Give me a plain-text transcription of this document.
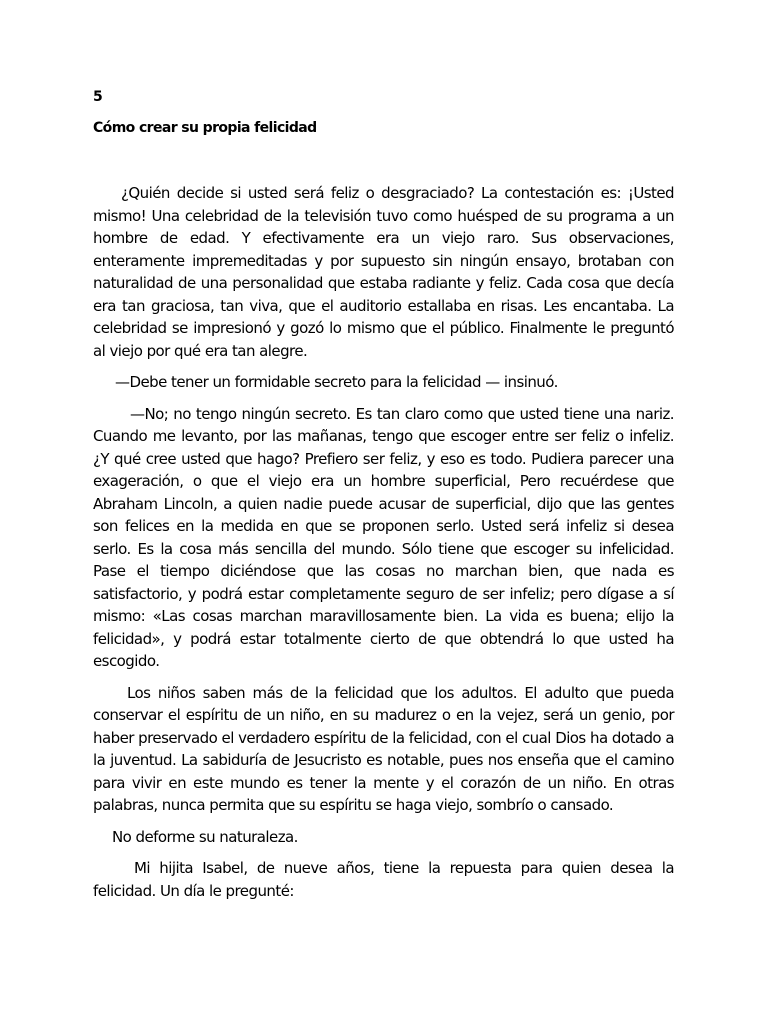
5
Cómo crear su propia felicidad

¿Quién decide si usted será feliz o desgraciado? La contestación es: ¡Usted mismo! Una celebridad de la televisión tuvo como huésped de su programa a un hombre de edad. Y efectivamente era un viejo raro. Sus observaciones, enteramente impremeditadas y por supuesto sin ningún ensayo, brotaban con naturalidad de una personalidad que estaba radiante y feliz. Cada cosa que decía era tan graciosa, tan viva, que el auditorio estallaba en risas. Les encantaba. La celebridad se impresionó y gozó lo mismo que el público. Finalmente le preguntó al viejo por qué era tan alegre.

—Debe tener un formidable secreto para la felicidad — insinuó.

—No; no tengo ningún secreto. Es tan claro como que usted tiene una nariz. Cuando me levanto, por las mañanas, tengo que escoger entre ser feliz o infeliz. ¿Y qué cree usted que hago? Prefiero ser feliz, y eso es todo. Pudiera parecer una exageración, o que el viejo era un hombre superficial, Pero recuérdese que Abraham Lincoln, a quien nadie puede acusar de superficial, dijo que las gentes son felices en la medida en que se proponen serlo. Usted será infeliz si desea serlo. Es la cosa más sencilla del mundo. Sólo tiene que escoger su infelicidad. Pase el tiempo diciéndose que las cosas no marchan bien, que nada es satisfactorio, y podrá estar completamente seguro de ser infeliz; pero dígase a sí mismo: «Las cosas marchan maravillosamente bien. La vida es buena; elijo la felicidad», y podrá estar totalmente cierto de que obtendrá lo que usted ha escogido.

Los niños saben más de la felicidad que los adultos. El adulto que pueda conservar el espíritu de un niño, en su madurez o en la vejez, será un genio, por haber preservado el verdadero espíritu de la felicidad, con el cual Dios ha dotado a la juventud. La sabiduría de Jesucristo es notable, pues nos enseña que el camino para vivir en este mundo es tener la mente y el corazón de un niño. En otras palabras, nunca permita que su espíritu se haga viejo, sombrío o cansado.

No deforme su naturaleza.

Mi hijita Isabel, de nueve años, tiene la repuesta para quien desea la felicidad. Un día le pregunté:
